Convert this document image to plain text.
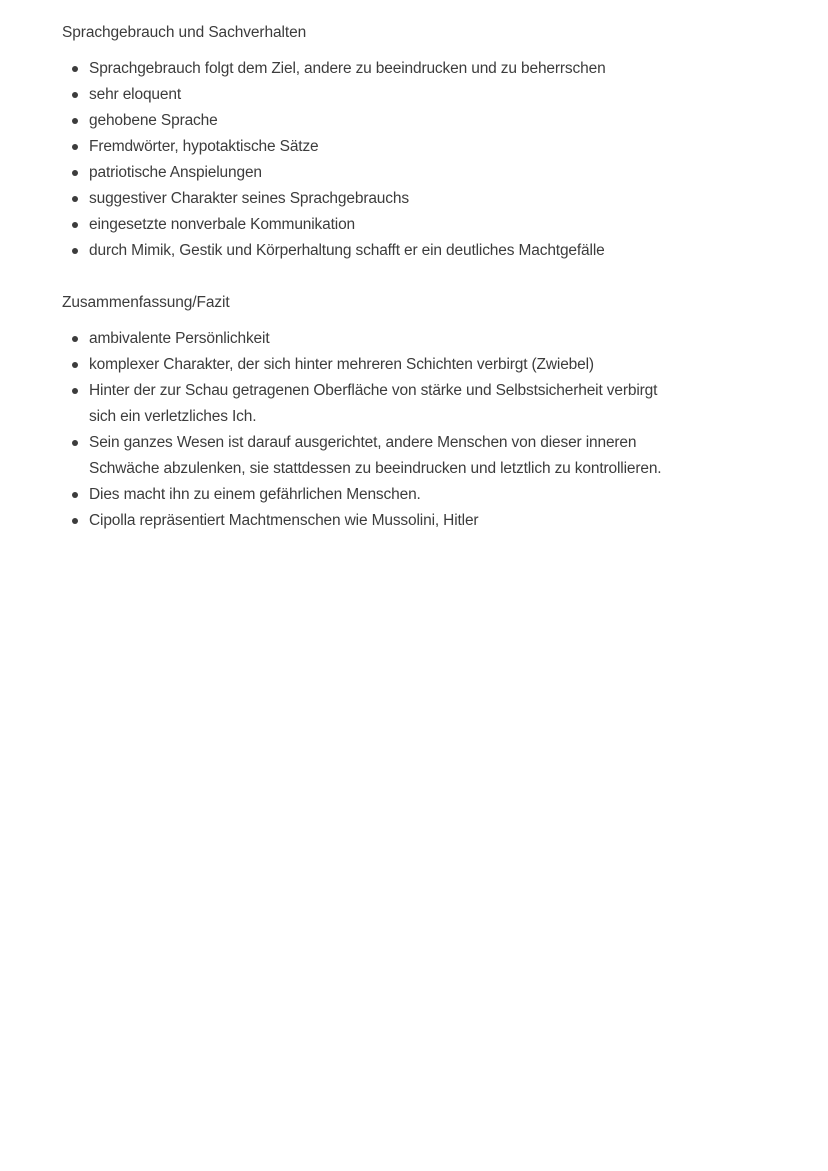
Sprachgebrauch und Sachverhalten
Sprachgebrauch folgt dem Ziel, andere zu beeindrucken und zu beherrschen
sehr eloquent
gehobene Sprache
Fremdwörter, hypotaktische Sätze
patriotische Anspielungen
suggestiver Charakter seines Sprachgebrauchs
eingesetzte nonverbale Kommunikation
durch Mimik, Gestik und Körperhaltung schafft er ein deutliches Machtgefälle
Zusammenfassung/Fazit
ambivalente Persönlichkeit
komplexer Charakter, der sich hinter mehreren Schichten verbirgt (Zwiebel)
Hinter der zur Schau getragenen Oberfläche von stärke und Selbstsicherheit verbirgt sich ein verletzliches Ich.
Sein ganzes Wesen ist darauf ausgerichtet, andere Menschen von dieser inneren Schwäche abzulenken, sie stattdessen zu beeindrucken und letztlich zu kontrollieren.
Dies macht ihn zu einem gefährlichen Menschen.
Cipolla repräsentiert Machtmenschen wie Mussolini, Hitler
